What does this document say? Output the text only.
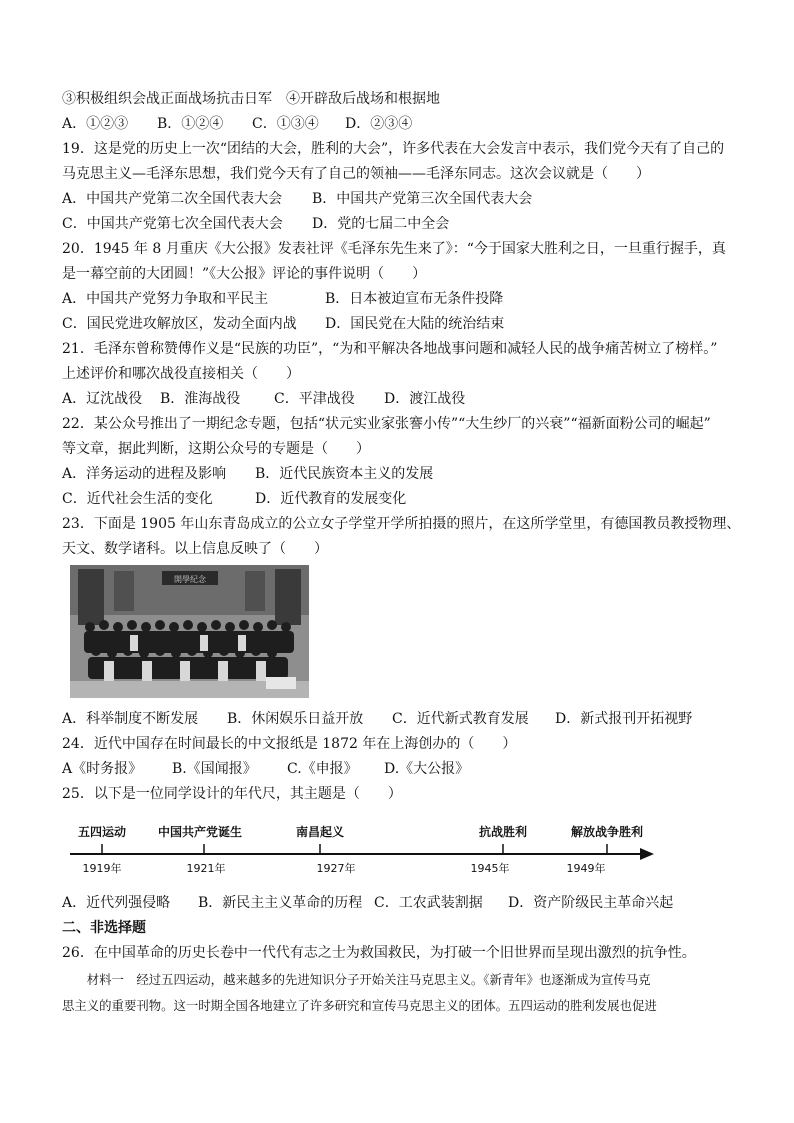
③积极组织会战正面战场抗击日军　④开辟敌后战场和根据地
A．①②③ B．①②④ C．①③④ D．②③④
19．这是党的历史上一次“团结的大会，胜利的大会”，许多代表在大会发言中表示，我们党今天有了自己的
马克思主义—毛泽东思想，我们党今天有了自己的领袖——毛泽东同志。这次会议就是（　　）
A．中国共产党第二次全国代表大会 B．中国共产党第三次全国代表大会
C．中国共产党第七次全国代表大会 D．党的七届二中全会
20．1945 年 8 月重庆《大公报》发表社评《毛泽东先生来了》：“今于国家大胜利之日，一旦重行握手，真
是一幕空前的大团圆！”《大公报》评论的事件说明（　　）
A．中国共产党努力争取和平民主	B．日本被迫宣布无条件投降
C．国民党进攻解放区，发动全面内战 D．国民党在大陆的统治结束
21．毛泽东曾称赞傅作义是“民族的功臣”，“为和平解决各地战事问题和减轻人民的战争痛苦树立了榜样。”
上述评价和哪次战役直接相关（　　）
A．辽沈战役 B．淮海战役 C．平津战役 D．渡江战役
22．某公众号推出了一期纪念专题，包括“状元实业家张謇小传”“大生纱厂的兴衰”“福新面粉公司的崛起”
等文章，据此判断，这期公众号的专题是（　　）
A．洋务运动的进程及影响 B．近代民族资本主义的发展
C．近代社会生活的变化	D．近代教育的发展变化
23．下面是 1905 年山东青岛成立的公立女子学堂开学所拍摄的照片，在这所学堂里，有德国教员教授物理、
天文、数学诸科。以上信息反映了（　　）
開學紀念
A．科举制度不断发展 B．休闲娱乐日益开放 C．近代新式教育发展 D．新式报刊开拓视野
24．近代中国存在时间最长的中文报纸是 1872 年在上海创办的（　　）
A《时务报》 B.《国闻报》 C.《申报》 D.《大公报》
25．以下是一位同学设计的年代尺，其主题是（　　）
五四运动
1919年
中国共产党诞生
1921年
南昌起义
1927年
抗战胜利
1945年
解放战争胜利
1949年
A．近代列强侵略 B．新民主主义革命的历程 C．工农武装割据 D．资产阶级民主革命兴起
二、非选择题
26．在中国革命的历史长卷中一代代有志之士为救国救民，为打破一个旧世界而呈现出激烈的抗争性。
　　材料一　经过五四运动，越来越多的先进知识分子开始关注马克思主义。《新青年》也逐渐成为宣传马克
思主义的重要刊物。这一时期全国各地建立了许多研究和宣传马克思主义的团体。五四运动的胜利发展也促进
